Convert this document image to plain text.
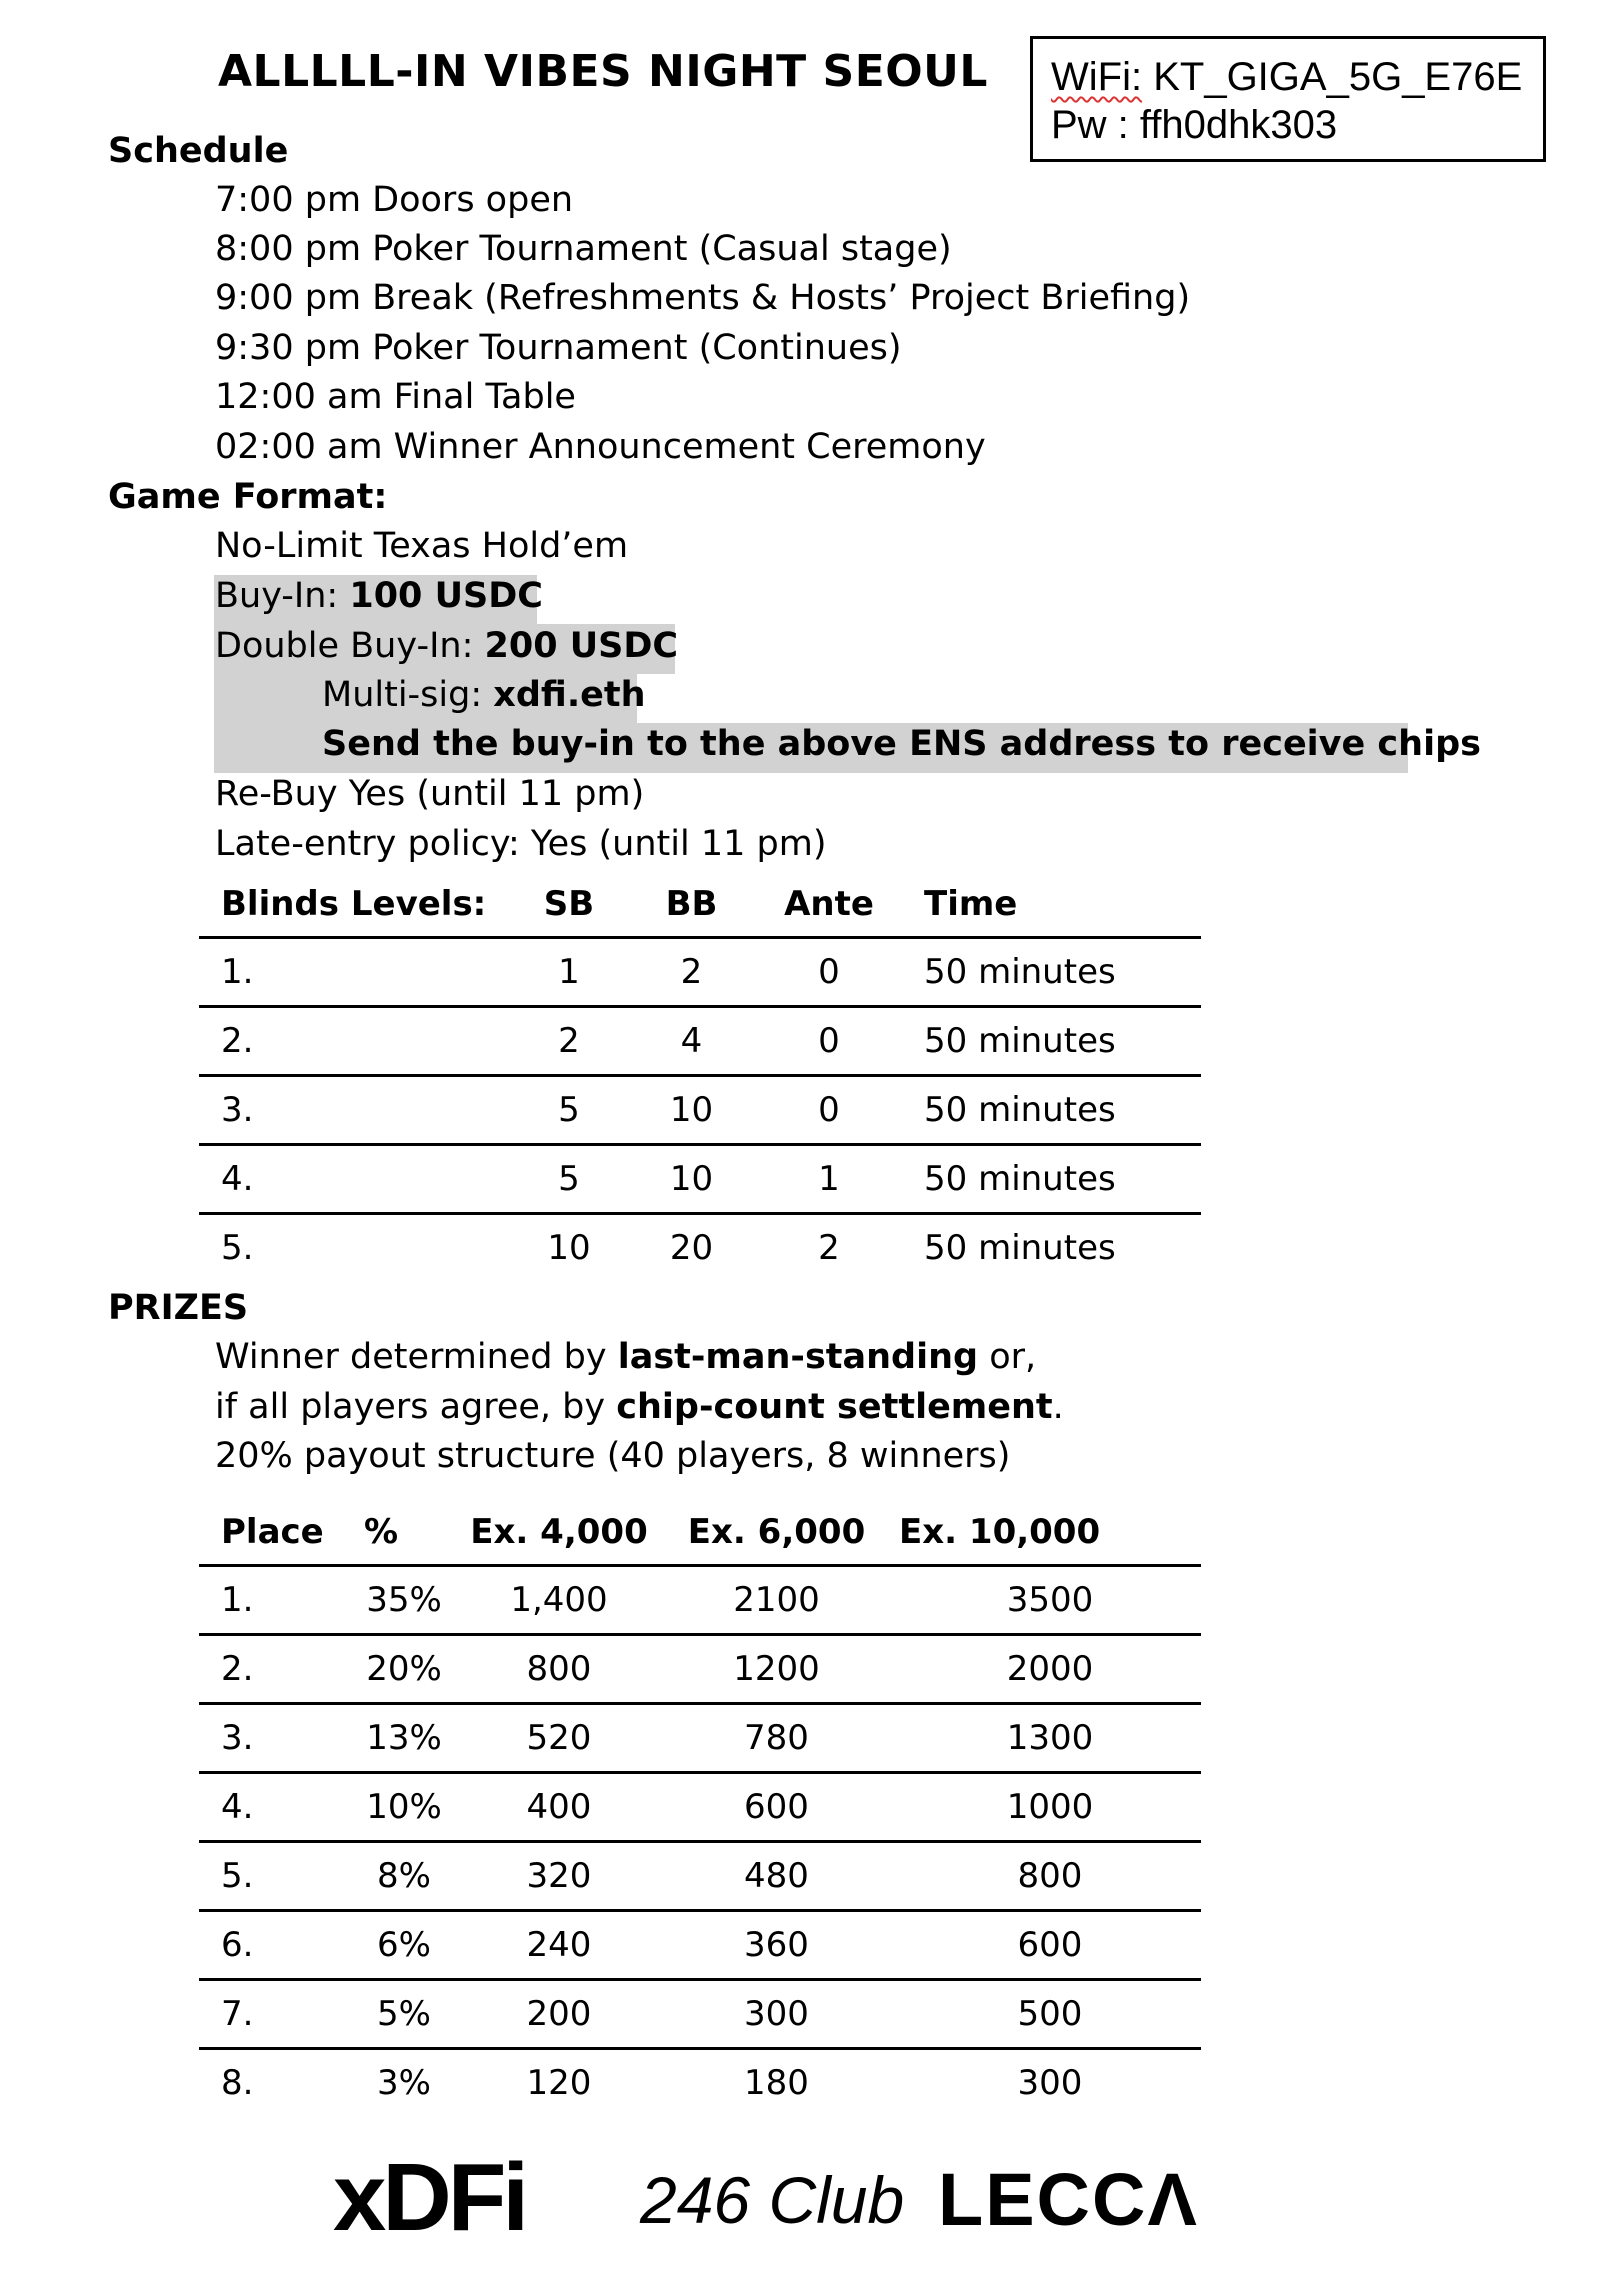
ALLLLL-IN VIBES NIGHT SEOUL WiFi: KT_GIGA_5G_E76E
Pw : ffh0dhk303
Schedule
7:00 pm Doors open
8:00 pm Poker Tournament (Casual stage)
9:00 pm Break (Refreshments & Hosts’ Project Briefing)
9:30 pm Poker Tournament (Continues)
12:00 am Final Table
02:00 am Winner Announcement Ceremony
Game Format:
No-Limit Texas Hold’em
Buy-In: 100 USDC
Double Buy-In: 200 USDC
Multi-sig: xdfi.eth
Send the buy-in to the above ENS address to receive chips
Re-Buy Yes (until 11 pm)
Late-entry policy: Yes (until 11 pm)
Blinds Levels:	SB	BB	Ante	Time
1.	1	2	0	50 minutes
2.	2	4	0	50 minutes
3.	5	10	0	50 minutes
4.	5	10	1	50 minutes
5.	10	20	2	50 minutes
PRIZES
Winner determined by last-man-standing or,
if all players agree, by chip-count settlement.
20% payout structure (40 players, 8 winners)
Place	%	Ex. 4,000	Ex. 6,000	Ex. 10,000
1.	35%	1,400	2100	3500
2.	20%	800	1200	2000
3.	13%	520	780	1300
4.	10%	400	600	1000
5.	8%	320	480	800
6.	6%	240	360	600
7.	5%	200	300	500
8.	3%	120	180	300
xDFi 246 Club LECCΛ
